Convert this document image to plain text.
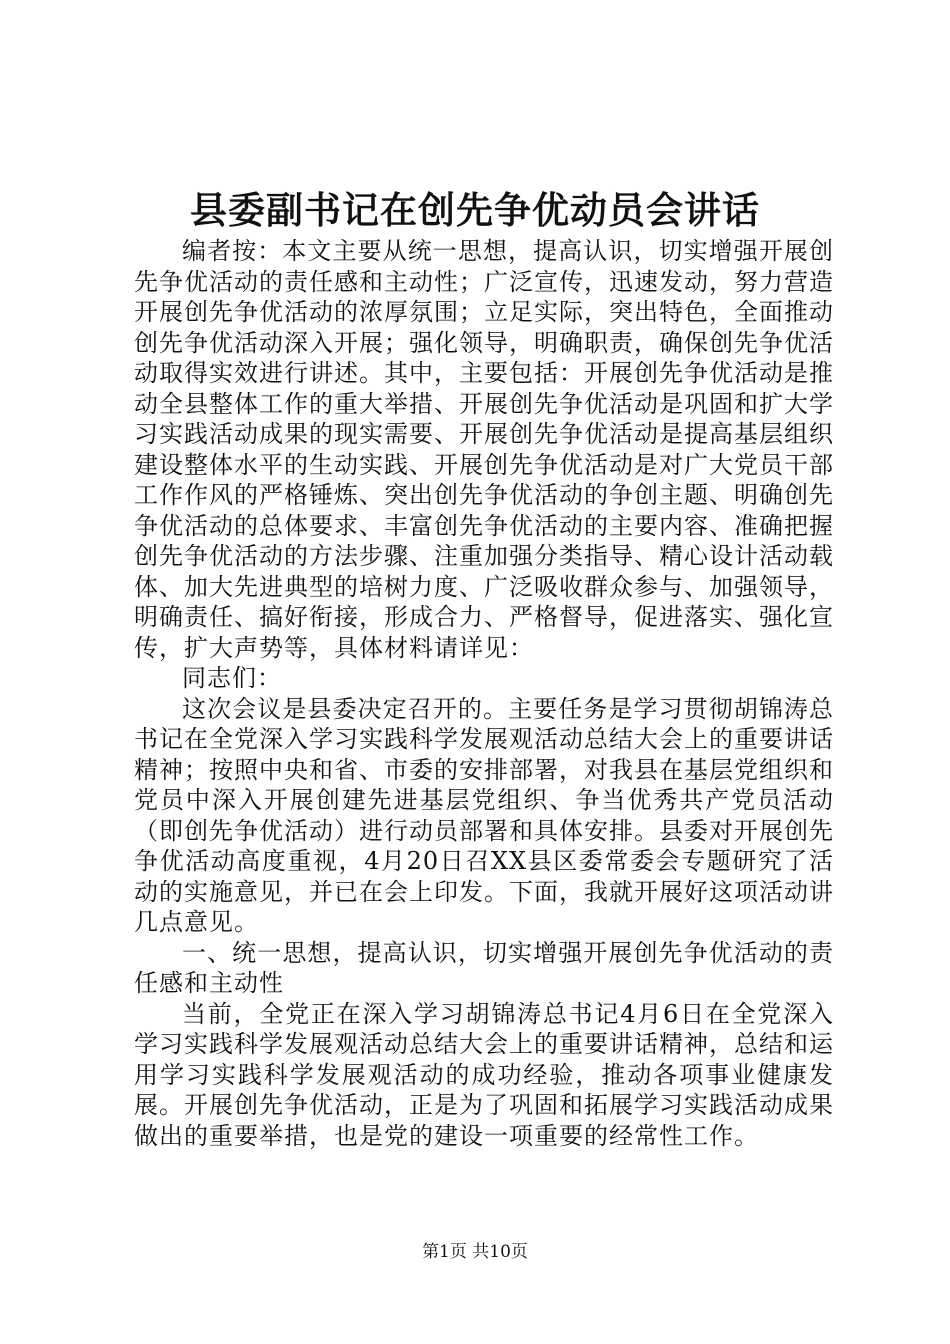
县委副书记在创先争优动员会讲话

编者按：本文主要从统一思想，提高认识，切实增强开展创先争优活动的责任感和主动性；广泛宣传，迅速发动，努力营造开展创先争优活动的浓厚氛围；立足实际，突出特色，全面推动创先争优活动深入开展；强化领导，明确职责，确保创先争优活动取得实效进行讲述。其中，主要包括：开展创先争优活动是推动全县整体工作的重大举措、开展创先争优活动是巩固和扩大学习实践活动成果的现实需要、开展创先争优活动是提高基层组织建设整体水平的生动实践、开展创先争优活动是对广大党员干部工作作风的严格锤炼、突出创先争优活动的争创主题、明确创先争优活动的总体要求、丰富创先争优活动的主要内容、准确把握创先争优活动的方法步骤、注重加强分类指导、精心设计活动载体、加大先进典型的培树力度、广泛吸收群众参与、加强领导，明确责任、搞好衔接，形成合力、严格督导，促进落实、强化宣传，扩大声势等，具体材料请详见：

同志们：

这次会议是县委决定召开的。主要任务是学习贯彻胡锦涛总书记在全党深入学习实践科学发展观活动总结大会上的重要讲话精神；按照中央和省、市委的安排部署，对我县在基层党组织和党员中深入开展创建先进基层党组织、争当优秀共产党员活动（即创先争优活动）进行动员部署和具体安排。县委对开展创先争优活动高度重视，4月20日召XX县区委常委会专题研究了活动的实施意见，并已在会上印发。下面，我就开展好这项活动讲几点意见。

一、统一思想，提高认识，切实增强开展创先争优活动的责任感和主动性

当前，全党正在深入学习胡锦涛总书记4月6日在全党深入学习实践科学发展观活动总结大会上的重要讲话精神，总结和运用学习实践科学发展观活动的成功经验，推动各项事业健康发展。开展创先争优活动，正是为了巩固和拓展学习实践活动成果做出的重要举措，也是党的建设一项重要的经常性工作。

第1页 共10页
